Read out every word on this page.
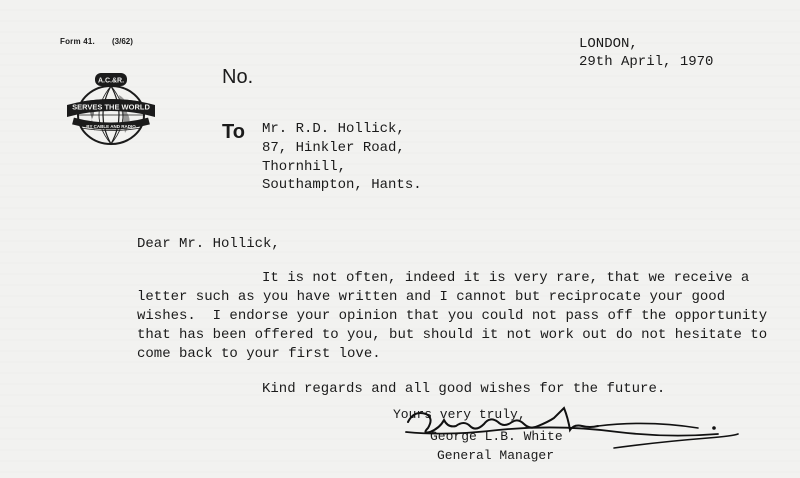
Form 41. (3/62)
A.C.&R.
SERVES THE WORLD
BY CABLE AND RADIO
No.
To
LONDON,
29th April, 1970
Mr. R.D. Hollick,
87, Hinkler Road,
Thornhill,
Southampton, Hants.
Dear Mr. Hollick,
It is not often, indeed it is very rare, that we receive a
letter such as you have written and I cannot but reciprocate your good
wishes.  I endorse your opinion that you could not pass off the opportunity
that has been offered to you, but should it not work out do not hesitate to
come back to your first love.
Kind regards and all good wishes for the future.
Yours very truly,
George L.B. White
General Manager
